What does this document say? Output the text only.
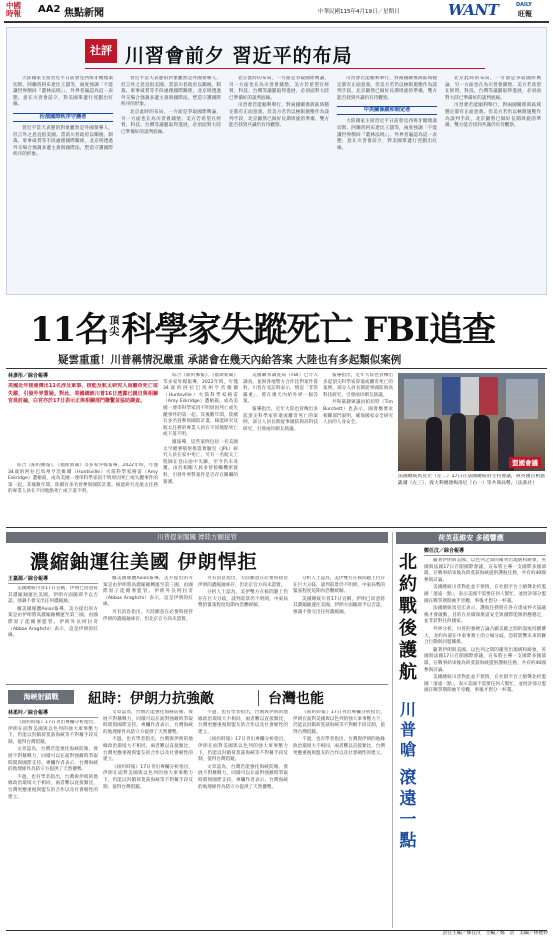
中國
時報	AA2 焦點新聞	中華民國115年4月19日／星期日	WANT	DAILY
旺報
社評 川習會前夕 習近平的布局

大陸國家主席習近平日前會見西班牙總理桑切斯、阿聯酋阿布達比王儲等，兩度強調「不能讓世界倒回『叢林法則』」。外界普遍認為這一表態，意在川習會前夕，對美國單邊行徑劃出紅線。

扮演國際秩序守護者

習近平當天表態的對象雖然是外國領導人，但言外之意直指美國。當前川普政府以關稅、制裁、軍事威脅等手段處理國際關係，北京則透過外交場合強調多邊主義與國際法，塑造守護國際秩序的形象。

習近平當天表態的對象雖然是外國領導人，但言外之意直指美國。當前川普政府以關稅、制裁、軍事威脅等手段處理國際關係，北京則透過外交場合強調多邊主義與國際法，塑造守護國際秩序的形象。

北京此時的布局，一方面是爭取國際輿論，另一方面也在為川習會鋪墊。美方若希望在經貿、科技、台灣等議題取得進展，必須面對大陸已準備好的談判底線。

北京此時的布局，一方面是爭取國際輿論，另一方面也在為川習會鋪墊。美方若希望在經貿、科技、台灣等議題取得進展，必須面對大陸已準備好的談判底線。

川習會若能順利舉行，對兩國關係與區域穩定都有正面意義。但美方若仍以極限施壓作為談判手段，北京顯然已做好長期周旋的準備，雙方能否找到共識仍有待觀察。

川習會若能順利舉行，對兩國關係與區域穩定都有正面意義。但美方若仍以極限施壓作為談判手段，北京顯然已做好長期周旋的準備，雙方能否找到共識仍有待觀察。

中美關係緩和制定者

大陸國家主席習近平日前會見西班牙總理桑切斯、阿聯酋阿布達比王儲等，兩度強調「不能讓世界倒回『叢林法則』」。外界普遍認為這一表態，意在川習會前夕，對美國單邊行徑劃出紅線。

北京此時的布局，一方面是爭取國際輿論，另一方面也在為川習會鋪墊。美方若希望在經貿、科技、台灣等議題取得進展，必須面對大陸已準備好的談判底線。

川習會若能順利舉行，對兩國關係與區域穩定都有正面意義。但美方若仍以極限施壓作為談判手段，北京顯然已做好長期周旋的準備，雙方能否找到共識仍有待觀察。

11名頂尖科學家失蹤死亡 FBI追查
疑雲重重！川普稱情況嚴重 承諾會在幾天內給答案 大陸也有多起類似案例
林彥彤／綜合報導
美國近年接連傳出11名涉及軍事、核能及航太研究人員離奇死亡或失蹤，引發外界質疑。對此，美國總統川普16日透露已親自與相關官員討論，白宮亦於17日表示正與相關部門聯繫並協助調查。

綜合《紐約郵報》、《福斯新聞》等多家外媒報導，2022年時，年僅34歲的阿拉巴馬州亨茨維爾（Huntsville）火箭科學家格雷（Amy Eskridge）遭槍殺，成為美國一連串科學家因不明原因死亡或失蹤事件的第一起。其後數年間，陸續有多名曾參與國防計畫、核能研究及航太任務的專業人員在不同地點死亡或下落不明。

據報導，這些案例包括一名美國太空總署噴射推進實驗室（JPL）研究人員在家中死亡，另有一名航太工程師在登山途中失聯，至今仍未尋獲。由於相關人員多曾接觸機密資料，引發外界對案件是否存在關聯的猜測。

美國聯邦調查局（FBI）已介入調查，並與各地警方合作比對案件資料。川普在受訪時表示，情況「非常嚴重」，將在幾天內給外界一個答案。

報導指出，近年大陸也曾傳出多起頂尖科學家猝逝或離奇死亡的案例，部分人員長期從事國防與高科技研究，引發兩岸網友熱議。

報導指出，近年大陸也曾傳出多起頂尖科學家猝逝或離奇死亡的案例，部分人員長期從事國防與高科技研究，引發兩岸網友熱議。

共和黨籍眾議員柏切特（Tim Burchett）也表示，國會應要求相關部門說明，確保國家安全研究人員的人身安全。

綜合《紐約郵報》、《福斯新聞》等多家外媒報導，2022年時，年僅34歲的阿拉巴馬州亨茨維爾（Huntsville）火箭科學家格雷（Amy Eskridge）遭槍殺，成為美國一連串科學家因不明原因死亡或失蹤事件的第一起。其後數年間，陸續有多名曾參與國防計畫、核能研究及航太任務的專業人員在不同地點死亡或下落不明。

盟國會議
法國總統馬克宏（左二）17日在法國總統府主持會議，與英國首相施凱爾（左三）、義大利總理梅洛尼（右一）等共商局勢。（法新社）
川普提案闖關 傳陸方願接管
濃縮鈾運往美國 伊朗悍拒
王嘉源／綜合報導

美國總統川普17日宣稱，伊朗已同意將其濃縮鈾運往美國。伊朗方面隨即予以否認，強調不會交出任何濃縮鈾。

據美國媒體Axios報導，美方提出的方案是由伊朗將高濃縮鈾轉運至第三國，由國際原子能總署監管。伊朗外長阿拉奇（Abbas Araghchi）表示，這是伊朗的紅線。

據美國媒體Axios報導，美方提出的方案是由伊朗將高濃縮鈾轉運至第三國，由國際原子能總署監管。伊朗外長阿拉奇（Abbas Araghchi）表示，這是伊朗的紅線。

另有消息指出，大陸願意在必要時接管伊朗的濃縮鈾庫存，但北京官方尚未證實。

另有消息指出，大陸願意在必要時接管伊朗的濃縮鈾庫存，但北京官方尚未證實。

分析人士認為，美伊雙方在核問題上仍存在巨大分歧，談判前景仍不明朗，中東局勢的緊張程度短期內恐難緩解。

分析人士認為，美伊雙方在核問題上仍存在巨大分歧，談判前景仍不明朗，中東局勢的緊張程度短期內恐難緩解。

美國總統川普17日宣稱，伊朗已同意將其濃縮鈾運往美國。伊朗方面隨即予以否認，強調不會交出任何濃縮鈾。

海峽射鎖戰	紐時：伊朗力抗強敵	台灣也能
林柔吟／綜合報導

《紐約時報》17日刊出專欄分析指出，伊朗在面對美國與以色列的強大軍事壓力下，仍能以封鎖荷莫茲海峽等不對稱手段反制，值得台灣借鏡。

文章認為，台灣若能強化海峽防衛、發展不對稱戰力，同樣可以在面對強敵時爭取時間與國際支持。專欄作者表示，台灣海峽的地理條件為防守方提供了天然優勢。

不過，也有學者指出，台灣與伊朗的地緣政治環境大不相同，兩者難以直接類比，台灣更應重視與盟友的合作以及社會韌性的建立。

文章認為，台灣若能強化海峽防衛、發展不對稱戰力，同樣可以在面對強敵時爭取時間與國際支持。專欄作者表示，台灣海峽的地理條件為防守方提供了天然優勢。

不過，也有學者指出，台灣與伊朗的地緣政治環境大不相同，兩者難以直接類比，台灣更應重視與盟友的合作以及社會韌性的建立。

《紐約時報》17日刊出專欄分析指出，伊朗在面對美國與以色列的強大軍事壓力下，仍能以封鎖荷莫茲海峽等不對稱手段反制，值得台灣借鏡。

不過，也有學者指出，台灣與伊朗的地緣政治環境大不相同，兩者難以直接類比，台灣更應重視與盟友的合作以及社會韌性的建立。

《紐約時報》17日刊出專欄分析指出，伊朗在面對美國與以色列的強大軍事壓力下，仍能以封鎖荷莫茲海峽等不對稱手段反制，值得台灣借鏡。

文章認為，台灣若能強化海峽防衛、發展不對稱戰力，同樣可以在面對強敵時爭取時間與國際支持。專欄作者表示，台灣海峽的地理條件為防守方提供了天然優勢。

《紐約時報》17日刊出專欄分析指出，伊朗在面對美國與以色列的強大軍事壓力下，仍能以封鎖荷莫茲海峽等不對稱手段反制，值得台灣借鏡。

不過，也有學者指出，台灣與伊朗的地緣政治環境大不相同，兩者難以直接類比，台灣更應重視與盟友的合作以及社會韌性的建立。

荷英茲維安 多國響應
北約戰後護航
川普嗆
滾遠一點
鄭任汶／綜合報導

隨著伊朗與美國、以色列之間的衝突出現緩和跡象，英國與法國17日召開國際會議，宣布將主導一支國際多國部隊，在戰事結束後為荷莫茲海峽提供護航任務，共有約40國參與討論。

美國總統川普對此並不領情，在社群平台上嗆聲北約盟國「滾遠一點」，表示美國不需要任何人幫忙，並批評部分盟國在戰爭期間袖手旁觀，事後才想分一杯羹。

法國總統馬克宏表示，護航任務將在各方達成停火協議後才會啟動，目的在於確保航道安全與國際能源供應穩定，並非針對任何國家。

外界分析，川普的強硬言論凸顯美歐之間的裂痕持續擴大，北約內部在中東事務上的立場分歧，恐將影響未來的聯合行動與同盟關係。

隨著伊朗與美國、以色列之間的衝突出現緩和跡象，英國與法國17日召開國際會議，宣布將主導一支國際多國部隊，在戰事結束後為荷莫茲海峽提供護航任務，共有約40國參與討論。

美國總統川普對此並不領情，在社群平台上嗆聲北約盟國「滾遠一點」，表示美國不需要任何人幫忙，並批評部分盟國在戰爭期間袖手旁觀，事後才想分一杯羹。

責任主編／鄭任汶　主編／鄭　浩　美編／林禮妙
